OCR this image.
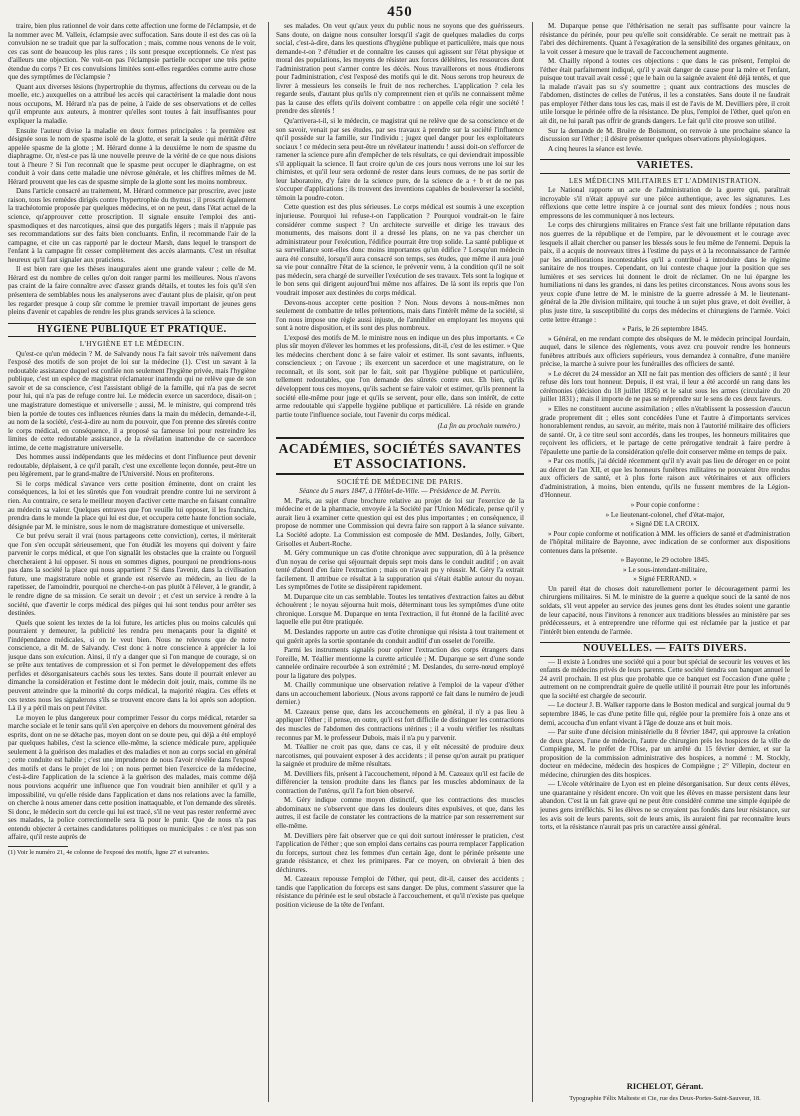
450

traire, bien plus rationnel de voir dans cette affection une forme de l'éclampsie, et de la nommer avec M. Valleix, éclampsie avec suffocation. Sans doute il est des cas où la convulsion ne se traduit que par la suffocation ; mais, comme nous venons de le voir, ces cas sont de beaucoup les plus rares ; ils sont presque exceptionnels. Ce n'est pas d'ailleurs une objection. Ne voit-on pas l'éclampsie partielle occuper une très petite étendue du corps ? Et ces convulsions limitées sont-elles regardées comme autre chose que des symptômes de l'éclampsie ?

Quant aux diverses lésions (hypertrophie du thymus, affections du cerveau ou de la moelle, etc.) auxquelles on a attribué les accès qui caractérisent la maladie dont nous nous occupons, M. Hérard n'a pas de peine, à l'aide de ses observations et de celles qu'il emprunte aux auteurs, à montrer qu'elles sont toutes à fait insuffisantes pour expliquer la maladie.

Ensuite l'auteur divise la maladie en deux formes principales : la première est désignée sous le nom de spasme isolé de la glotte, et serait la seule qui méritât d'être appelée spasme de la glotte ; M. Hérard donne à la deuxième le nom de spasme du diaphragme. Or, n'est-ce pas là une nouvelle preuve de la vérité de ce que nous disions tout à l'heure ? Si l'on reconnaît que le spasme peut occuper le diaphragme, on est conduit à voir dans cette maladie une névrose générale, et les chiffres mêmes de M. Hérard prouvent que les cas de spasme simple de la glotte sont les moins nombreux.

Dans l'article consacré au traitement, M. Hérard commence par proscrire, avec juste raison, tous les remèdes dirigés contre l'hypertrophie du thymus ; il proscrit également la trachéotomie proposée par quelques médecins, et on ne peut, dans l'état actuel de la science, qu'approuver cette proscription. Il signale ensuite l'emploi des anti-spasmodiques et des narcotiques, ainsi que des purgatifs légers ; mais il n'appuie pas ses recommandations sur des faits bien concluants. Enfin, il recommande l'air de la campagne, et cite un cas rapporté par le docteur Marsh, dans lequel le transport de l'enfant à la campagne fit cesser complètement des accès alarmants. C'est un résultat heureux qu'il faut signaler aux praticiens.

Il est bien rare que les thèses inaugurales aient une grande valeur ; celle de M. Hérard est du nombre de celles qu'on doit ranger parmi les meilleures. Nous n'avons pas craint de la faire connaître avec d'assez grands détails, et toutes les fois qu'il s'en présentera de semblables nous les analyserons avec d'autant plus de plaisir, qu'on peut les regarder presque à coup sûr comme le premier travail important de jeunes gens pleins d'avenir et capables de rendre les plus grands services à la science.

HYGIÈNE PUBLIQUE ET PRATIQUE.

L'HYGIÈNE ET LE MÉDECIN.

Qu'est-ce qu'un médecin ? M. de Salvandy nous l'a fait savoir très naïvement dans l'exposé des motifs de son projet de loi sur la médecine (1). C'est un savant à la redoutable assistance duquel est confiée non seulement l'hygiène privée, mais l'hygiène publique, c'est un espèce de magistrat réclamateur inattendu qui ne relève que de son savoir et de sa conscience, c'est l'assistant obligé de la famille, qui n'a pas de secret pour lui, qui n'a pas de refuge contre lui. Le médecin exerce un sacerdoce, disait-on ; une magistrature domestique et universelle ; aussi, M. le ministre, qui comprend très bien la portée de toutes ces influences réunies dans la main du médecin, demande-t-il, au nom de la société, c'est-à-dire au nom du pouvoir, que l'on prenne des sûretés contre le corps médical, en conséquence, il a proposé sa fameuse loi pour restreindre les limites de cette redoutable assistance, de la révélation inattendue de ce sacerdoce intime, de cette magistrature universelle.

Des hommes aussi indépendants que les médecins et dont l'influence peut devenir redoutable, déplaisent, à ce qu'il paraît, c'est une excellente leçon donnée, peut-être un peu légèrement, par le grand-maître de l'Université. Nous en profiterons.

Si le corps médical s'avance vers cette position éminente, dont on craint les conséquences, la loi et les sûretés que l'on voudrait prendre contre lui ne serviront à rien. Au contraire, ce sera le meilleur moyen d'activer cette marche en faisant connaître au médecin sa valeur. Quelques entraves que l'on veuille lui opposer, il les franchira, prendra dans le monde la place qui lui est due, et occupera cette haute fonction sociale, désignée par M. le ministre, sous le nom de magistrature domestique et universelle.

Ce but prévu serait il vrai (nous partageons cette conviction), certes, il mériterait que l'on s'en occupât sérieusement, que l'on étudiât les moyens qui doivent y faire parvenir le corps médical, et que l'on signalât les obstacles que la crainte ou l'orgueil chercheraient à lui opposer. Si nous en sommes dignes, pourquoi ne prendrions-nous pas dans la société la place qui nous appartient ? Si dans l'avenir, dans la civilisation future, une magistrature noble et grande est réservée au médecin, au lieu de la rapetisser, de l'amoindrir, pourquoi ne cherche-t-on pas plutôt à l'élever, à le grandir, à le rendre digne de sa mission. Ce serait un devoir ; et c'est un service à rendre à la société, que d'avertir le corps médical des pièges qui lui sont tendus pour arrêter ses destinées.

Quels que soient les textes de la loi future, les articles plus ou moins calculés qui pourraient y demeurer, la publicité les rendra peu menaçants pour la dignité et l'indépendance médicales, si on le veut bien. Nous ne relevons que de notre conscience, a dit M. de Salvandy. C'est donc à notre conscience à apprécier la loi jusque dans son exécution. Ainsi, il n'y a danger que si l'on manque de courage, si on se prête aux tentatives de compression et si l'on permet le développement des effets perfides et désorganisateurs cachés sous les textes. Sans doute il pourrait enlever au dimanche la considération et l'estime dont le médecin doit jouir, mais, comme ils ne peuvent atteindre que la minorité du corps médical, la majorité réagira. Ces effets et ces textes nous les signalerons s'ils se trouvent encore dans la loi après son adoption. Là il y a péril mais on peut l'éviter.

Le moyen le plus dangereux pour comprimer l'essor du corps médical, retarder sa marche sociale et le tenir sans qu'il s'en aperçoive en dehors du mouvement général des esprits, dont on ne se détache pas, moyen dont on se doute peu, qui déjà a été employé par quelques habiles, c'est la science elle-même, la science médicale pure, appliquée seulement à la guérison des maladies et des maladies et non au corps social en général ; cette conduite est habile ; c'est une imprudence de nous l'avoir révélée dans l'exposé des motifs et dans le projet de loi ; on nous permet bien l'exercice de la médecine, c'est-à-dire l'application de la science à la guérison des malades, mais comme déjà nous pouvions acquérir une influence que l'on voudrait bien annihiler et qu'il y a impossibilité, vu qu'elle réside dans l'application et dans nos relations avec la famille, on cherche à nous amener dans cette position inattaquable, et l'on demande des sûretés. Si donc, le médecin sort du cercle qui lui est tracé, s'il ne veut pas rester renfermé avec ses malades, la police correctionnelle sera là pour le punir. Que de nous n'a pas entendu objecter à certaines candidatures politiques ou municipales : ce n'est pas son affaire, qu'il reste auprès de

(1) Voir le numéro 21, 4e colonne de l'exposé des motifs, ligne 27 et suivantes.

ses malades. On veut qu'aux yeux du public nous ne soyons que des guérisseurs. Sans doute, on daigne nous consulter lorsqu'il s'agit de quelques maladies du corps social, c'est-à-dire, dans les questions d'hygiène publique et particulière, mais que nous demande-t-on ? d'étudier et de connaître les causes qui agissent sur l'état physique et moral des populations, les moyens de résister aux forces délétères, les ressources dont l'administration peut s'armer contre les décès. Nous travaillerons et nous étudierons pour l'administration, c'est l'exposé des motifs qui le dit. Nous serons trop heureux de livrer à messieurs les conseils le fruit de nos recherches. L'application ? cela les regarde seuls, d'autant plus qu'ils n'y comprennent rien et qu'ils ne connaissent même pas la cause des effets qu'ils doivent combattre : on appelle cela régir une société ! prendre des sûretés !

Qu'arrivera-t-il, si le médecin, ce magistrat qui ne relève que de sa conscience et de son savoir, venait par ses études, par ses travaux à prendre sur la société l'influence qu'il possède sur la famille, sur l'individu ; jugez quel danger pour les exploitateurs sociaux ! ce médecin sera peut-être un révélateur inattendu ! aussi doit-on s'efforcer de ramener la science pure afin d'empêcher de tels résultats, ce qui deviendrait impossible s'il appliquait la science. Il faut croire qu'un de ces jours nous verrons une loi sur les chimistes, et qu'il leur sera ordonné de rester dans leurs cornues, de ne pas sortir de leur laboratoire, d'y faire de la science pure, de la science de a + b et de ne pas s'occuper d'applications ; ils trouvent des inventions capables de bouleverser la société, témoin la poudre-coton.

Cette question est des plus sérieuses. Le corps médical est soumis à une exception injurieuse. Pourquoi lui refuse-t-on l'application ? Pourquoi voudrait-on le faire considérer comme suspect ? Un architecte surveille et dirige les travaux des monuments, des maisons dont il a dressé les plans, on ne va pas chercher un administrateur pour l'exécution, l'édifice pourrait être trop solide. La santé publique et sa surveillance sont-elles donc moins importantes qu'un édifice ? Lorsqu'un médecin aura été consulté, lorsqu'il aura consacré son temps, ses études, que même il aura joué sa vie pour connaître l'état de la science, le prévenir venu, à la condition qu'il ne soit pas médecin, sera chargé de surveiller l'exécution de ses travaux. Tels sont la logique et le bon sens qui dirigent aujourd'hui même nos affaires. De là sont ils repris que l'on voudrait imposer aux destinées du corps médical.

Devons-nous accepter cette position ? Non. Nous devons à nous-mêmes non seulement de combattre de telles prétentions, mais dans l'intérêt même de la société, si l'on nous impose une règle aussi injuste, de l'annihiler en employant les moyens qui sont à notre disposition, et ils sont des plus nombreux.

L'exposé des motifs de M. le ministre nous en indique un des plus importants. « Ce plus sûr moyen d'élever les hommes et les professions, dit-il, c'est de les estimer. » Que les médecins cherchent donc à se faire valoir et estimer. Ils sont savants, influents, consciencieux ; on l'avoue ; ils exercent un sacerdoce et une magistrature, on le reconnaît, et ils sont, soit par le fait, soit par l'hygiène publique et particulière, tellement redoutables, que l'on demande des sûretés contre eux. Eh bien, qu'ils développent tous ces moyens, qu'ils sachent se faire valoir et estimer, qu'ils prennent la société elle-même pour juge et qu'ils se servent, pour elle, dans son intérêt, de cette arme redoutable qui s'appelle hygiène publique et particulière. Là réside en grande partie toute l'influence sociale, tout l'avenir du corps médical.

(La fin au prochain numéro.)

ACADÉMIES, SOCIÉTÉS SAVANTES ET ASSOCIATIONS.

SOCIÉTÉ DE MÉDECINE DE PARIS.

Séance du 5 mars 1847, à l'Hôtel-de-Ville. — Présidence de M. Perrin.

M. Paris, au sujet d'une brochure relative au projet de loi sur l'exercice de la médecine et de la pharmacie, envoyée à la Société par l'Union Médicale, pense qu'il y aurait lieu à examiner cette question qui est des plus importantes ; en conséquence, il propose de nommer une Commission qui devra faire son rapport à la séance suivante. La Société adopte. La Commission est composée de MM. Deslandes, Jolly, Gibert, Grisolles et Aubert-Roche.

M. Géry communique un cas d'otite chronique avec suppuration, dû à la présence d'un noyau de cerise qui séjournait depuis sept mois dans le conduit auditif ; on avait tenté d'abord d'en faire l'extraction ; mais on n'avait pu y réussir. M. Géry l'a extrait facilement. Il attribue ce résultat à la suppuration qui s'était établie autour du noyau. Les symptômes de l'otite se dissipèrent rapidement.

M. Duparque cite un cas semblable. Toutes les tentatives d'extraction faites au début échouèrent ; le noyau séjourna huit mois, déterminant tous les symptômes d'une otite chronique. Lorsque M. Duparque en tenta l'extraction, il fut étonné de la facilité avec laquelle elle put être pratiquée.

M. Deslandes rapporte un autre cas d'otite chronique qui résista à tout traitement et qui guérit après la sortie spontanée du conduit auditif d'un osselet de l'oreille.

Parmi les instruments signalés pour opérer l'extraction des corps étrangers dans l'oreille, M. Téallier mentionne la curette articulée ; M. Duparque se sert d'une sonde cannelée ordinaire recourbée à son extrémité ; M. Deslandes, du serre-nœud employé pour la ligature des polypes.

M. Chailly communique une observation relative à l'emploi de la vapeur d'éther dans un accouchement laborieux. (Nous avons rapporté ce fait dans le numéro de jeudi dernier.)

M. Cazeaux pense que, dans les accouchements en général, il n'y a pas lieu à appliquer l'éther ; il pense, en outre, qu'il est fort difficile de distinguer les contractions des muscles de l'abdomen des contractions utérines ; il a voulu vérifier les résultats reconnus par M. le professeur Dubois, mais il n'a pu y parvenir.

M. Téallier ne croit pas que, dans ce cas, il y eût nécessité de produire deux narcotismes, qui pouvaient exposer à des accidents ; il pense qu'on aurait pu pratiquer la saignée et produire de même résultats.

M. Devilliers fils, présent à l'accouchement, répond à M. Cazeaux qu'il est facile de différencier la tension produite dans les flancs par les muscles abdominaux de la contraction de l'utérus, qu'il l'a fort bien observé.

M. Géry indique comme moyen distinctif, que les contractions des muscles abdominaux ne s'observent que dans les douleurs dites expulsives, et que, dans les autres, il est facile de constater les contractions de la matrice par son resserrement sur elle-même.

M. Devilliers père fait observer que ce qui doit surtout intéresser le praticien, c'est l'application de l'éther ; que son emploi dans certains cas pourra remplacer l'application du forceps, surtout chez les femmes d'un certain âge, dont le périnée présente une grande résistance, et chez les primipares. Par ce moyen, on obvierait à bien des déchirures.

M. Cazeaux repousse l'emploi de l'éther, qui peut, dit-il, causer des accidents ; tandis que l'application du forceps est sans danger. De plus, comment s'assurer que la résistance du périnée est le seul obstacle à l'accouchement, et qu'il n'existe pas quelque position vicieuse de la tête de l'enfant.

M. Duparque pense que l'éthérisation ne serait pas suffisante pour vaincre la résistance du périnée, pour peu qu'elle soit considérable. Ce serait ne mettrait pas à l'abri des déchirements. Quant à l'exagération de la sensibilité des organes génitaux, on la voit cesser à mesure que le travail de l'accouchement augmente.

M. Chailly répond à toutes ces objections : que dans le cas présent, l'emploi de l'éther était parfaitement indiqué, qu'il y avait danger de cause pour la mère et l'enfant, puisque tout travail avait cessé ; que le bain ou la saignée avaient été déjà tentés, et que la malade n'avait pas su s'y soumettre ; quant aux contractions des muscles de l'abdomen, distinctes de celles de l'utérus, il les a constatées. Sans doute il ne faudrait pas employer l'éther dans tous les cas, mais il est de l'avis de M. Devilliers père, il croit utile lorsque le périnée offre de la résistance. De plus, l'emploi de l'éther, quel qu'on en ait dit, ne lui paraît pas offrir de grands dangers. Le fait qu'il cite prouve son utilité.

Sur la demande de M. Bruère de Boismont, on renvoie à une prochaine séance la discussion sur l'éther ; il désire présenter quelques observations physiologiques.

A cinq heures la séance est levée.

VARIÉTÉS.

LES MÉDECINS MILITAIRES ET L'ADMINISTRATION.

Le National rapporte un acte de l'administration de la guerre qui, paraîtrait incroyable s'il n'était appuyé sur une pièce authentique, avec les signatures. Les réflexions que cette lettre inspire à ce journal sont des mieux fondées ; nous nous empressons de les communiquer à nos lecteurs.

Le corps des chirurgiens militaires en France s'est fait une brillante réputation dans nos guerres de la république et de l'empire, par le dévouement et le courage avec lesquels il allait chercher ou panser les blessés sous le feu même de l'ennemi. Depuis la paix, il a acquis de nouveaux titres à l'estime du pays et à la reconnaissance de l'armée par les améliorations incontestables qu'il a contribué à introduire dans le régime sanitaire de nos troupes. Cependant, on lui conteste chaque jour la position que ses lumières et ses services lui donnent le droit de réclamer. On ne lui épargne les humiliations ni dans les grandes, ni dans les petites circonstances. Nous avons sous les yeux copie d'une lettre de M. le ministre de la guerre adressée à M. le lieutenant-général de la 20e division militaire, qui touche à un sujet plus grave, et doit éveiller, à plus juste titre, la susceptibilité du corps des médecins et chirurgiens de l'armée. Voici cette lettre étrange :

« Paris, le 26 septembre 1845.

» Général, en me rendant compte des obsèques de M. le médecin principal Jourdain, auquel, dans le silence des règlements, vous avez cru pouvoir rendre les honneurs funèbres attribués aux officiers supérieurs, vous demandez à connaître, d'une manière précise, la marche à suivre pour les funérailles des officiers de santé.

» Le décret du 24 messidor an XII ne fait pas mention des officiers de santé ; il leur refuse dès lors tout honneur. Depuis, il est vrai, il leur a été accordé un rang dans les cérémonies (décision du 18 juillet 1826) et le salut sous les armes (circulaire du 20 juillet 1831) ; mais il importe de ne pas se méprendre sur le sens de ces deux faveurs.

» Elles ne constituent aucune assimilation ; elles n'établissent la possession d'aucun grade proprement dit ; elles sont concédées l'une et l'autre à d'importants services honorablement rendus, au savoir, au mérite, mais non à l'autorité militaire des officiers de santé. Or, à ce titre seul sont accordés, dans les troupes, les honneurs militaires que reçoivent les officiers, et le partage de cette prérogative tendrait à faire perdre à l'épaulette une partie de la considération qu'elle doit conserver même en temps de paix.

» Par ces motifs, j'ai décidé récemment qu'il n'y avait pas lieu de déroger en ce point au décret de l'an XII, et que les honneurs funèbres militaires ne pouvaient être rendus aux officiers de santé, et à plus forte raison aux vétérinaires et aux officiers d'administration, à moins, bien entendu, qu'ils ne fussent membres de la Légion-d'Honneur.

» Pour copie conforme :

» Le lieutenant-colonel, chef d'état-major,

» Signé DE LA CROIX.

» Pour copie conforme et notification à MM. les officiers de santé et d'administration de l'hôpital militaire de Bayonne, avec indication de se conformer aux dispositions contenues dans la présente.

» Bayonne, le 29 octobre 1845.

» Le sous-intendant-militaire,

» Signé FERRAND. »

Un pareil état de choses doit naturellement porter le découragement parmi les chirurgiens militaires. Si M. le ministre de la guerre a quelque souci de la santé de nos soldats, s'il veut appeler au service des jeunes gens dont les études soient une garantie de leur capacité, nous l'invitons à renoncer aux traditions blessées au ministère par ses prédécesseurs, et à entreprendre une réforme qui est réclamée par la justice et par l'intérêt bien entendu de l'armée.

NOUVELLES. — FAITS DIVERS.

— Il existe à Londres une société qui a pour but spécial de secourir les veuves et les enfants de médecins privés de leurs parents. Cette société tiendra son banquet annuel le 24 avril prochain. Il est plus que probable que ce banquet est l'occasion d'une quête ; autrement on ne comprendrait guère de quelle utilité il pourrait être pour les infortunés que la société est chargée de secourir.

— Le docteur J. B. Walker rapporte dans le Boston medical and surgical journal du 9 septembre 1846, le cas d'une petite fille qui, réglée pour la première fois à onze ans et demi, accoucha d'un enfant vivant à l'âge de douze ans et huit mois.

— Par suite d'une décision ministérielle du 8 février 1847, qui approuve la création de deux places, l'une de médecin, l'autre de chirurgien près les hospices de la ville de Compiègne, M. le préfet de l'Oise, par un arrêté du 15 février dernier, et sur la proposition de la commission administrative des hospices, a nommé : M. Stockly, docteur en médecine, médecin des hospices de Compiègne ; 2° Villepin, docteur en médecine, chirurgien des dits hospices.

— L'école vétérinaire de Lyon est en pleine désorganisation. Sur deux cents élèves, une quarantaine y résident encore. On voit que les élèves en masse persistent dans leur abandon. C'est là un fait grave qui ne peut être considéré comme une simple équipée de jeunes gens irréfléchis. Si les élèves ne se croyaient pas fondés dans leur résistance, sur les avis soit de leurs parents, soit de leurs amis, ils auraient fini par reconnaître leurs torts, et la résistance n'aurait pas pris un caractère aussi général.

RICHELOT, Gérant.
Typographie Félix Malteste et Cie, rue des Deux-Portes-Saint-Sauveur, 18.
